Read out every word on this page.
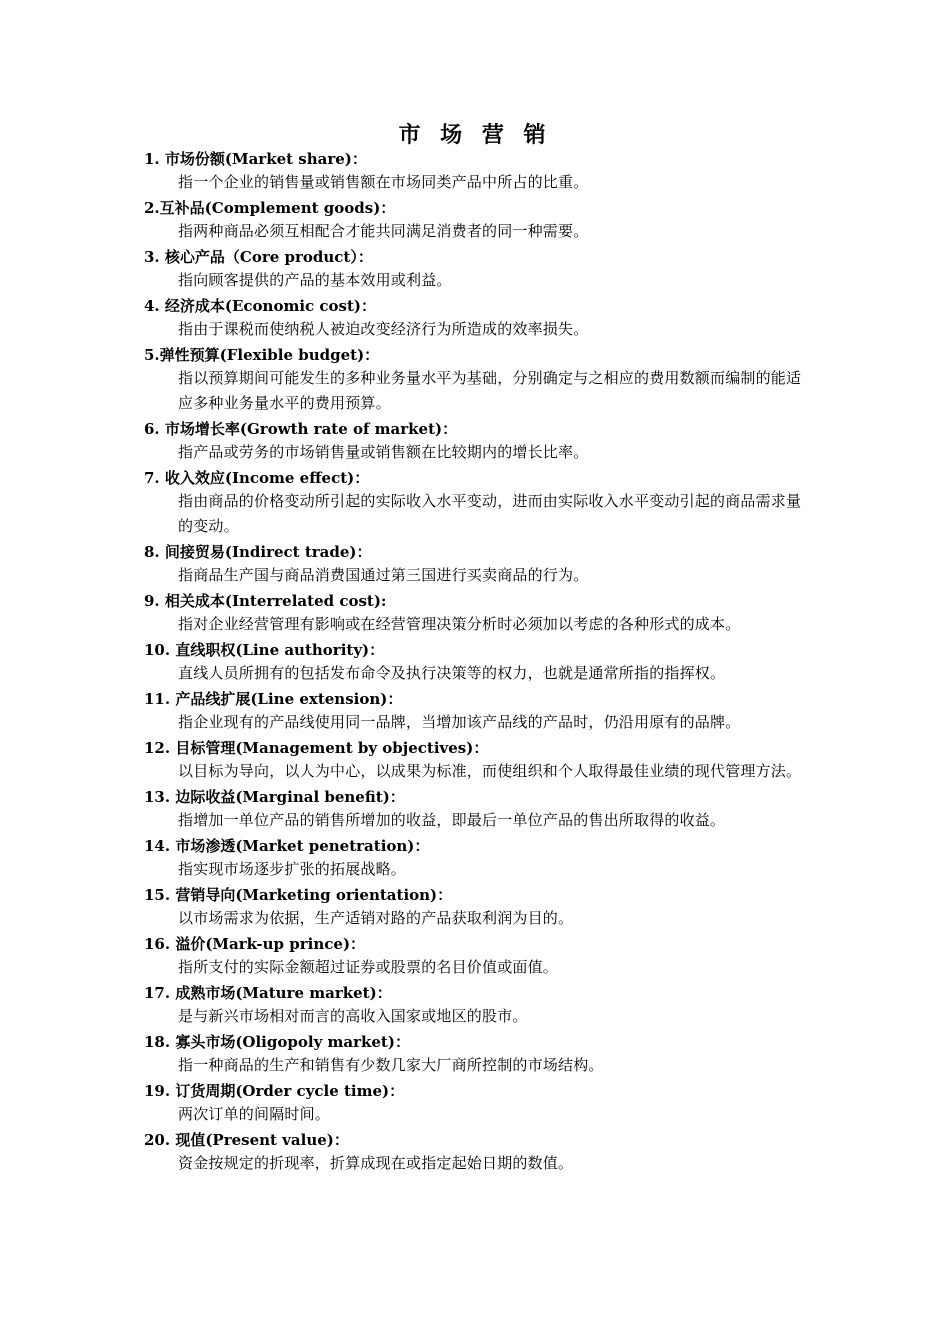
市 场 营 销
1. 市场份额(Market share)：
指一个企业的销售量或销售额在市场同类产品中所占的比重。
2.互补品(Complement goods)：
指两种商品必须互相配合才能共同满足消费者的同一种需要。
3. 核心产品（Core product）：
指向顾客提供的产品的基本效用或利益。
4. 经济成本(Economic cost)：
指由于课税而使纳税人被迫改变经济行为所造成的效率损失。
5.弹性预算(Flexible budget)：
指以预算期间可能发生的多种业务量水平为基础，分别确定与之相应的费用数额而编制的能适应多种业务量水平的费用预算。
6. 市场增长率(Growth rate of market)：
指产品或劳务的市场销售量或销售额在比较期内的增长比率。
7. 收入效应(Income effect)：
指由商品的价格变动所引起的实际收入水平变动，进而由实际收入水平变动引起的商品需求量的变动。
8. 间接贸易(Indirect trade)：
指商品生产国与商品消费国通过第三国进行买卖商品的行为。
9. 相关成本(Interrelated cost):
指对企业经营管理有影响或在经营管理决策分析时必须加以考虑的各种形式的成本。
10. 直线职权(Line authority)：
直线人员所拥有的包括发布命令及执行决策等的权力，也就是通常所指的指挥权。
11. 产品线扩展(Line extension)：
指企业现有的产品线使用同一品牌，当增加该产品线的产品时，仍沿用原有的品牌。
12. 目标管理(Management by objectives)：
以目标为导向，以人为中心，以成果为标准，而使组织和个人取得最佳业绩的现代管理方法。
13. 边际收益(Marginal benefit)：
指增加一单位产品的销售所增加的收益，即最后一单位产品的售出所取得的收益。
14. 市场渗透(Market penetration)：
指实现市场逐步扩张的拓展战略。
15. 营销导向(Marketing orientation)：
以市场需求为依据，生产适销对路的产品获取利润为目的。
16. 溢价(Mark-up prince)：
指所支付的实际金额超过证券或股票的名目价值或面值。
17. 成熟市场(Mature market)：
是与新兴市场相对而言的高收入国家或地区的股市。
18. 寡头市场(Oligopoly market)：
指一种商品的生产和销售有少数几家大厂商所控制的市场结构。
19. 订货周期(Order cycle time)：
两次订单的间隔时间。
20. 现值(Present value)：
资金按规定的折现率，折算成现在或指定起始日期的数值。
